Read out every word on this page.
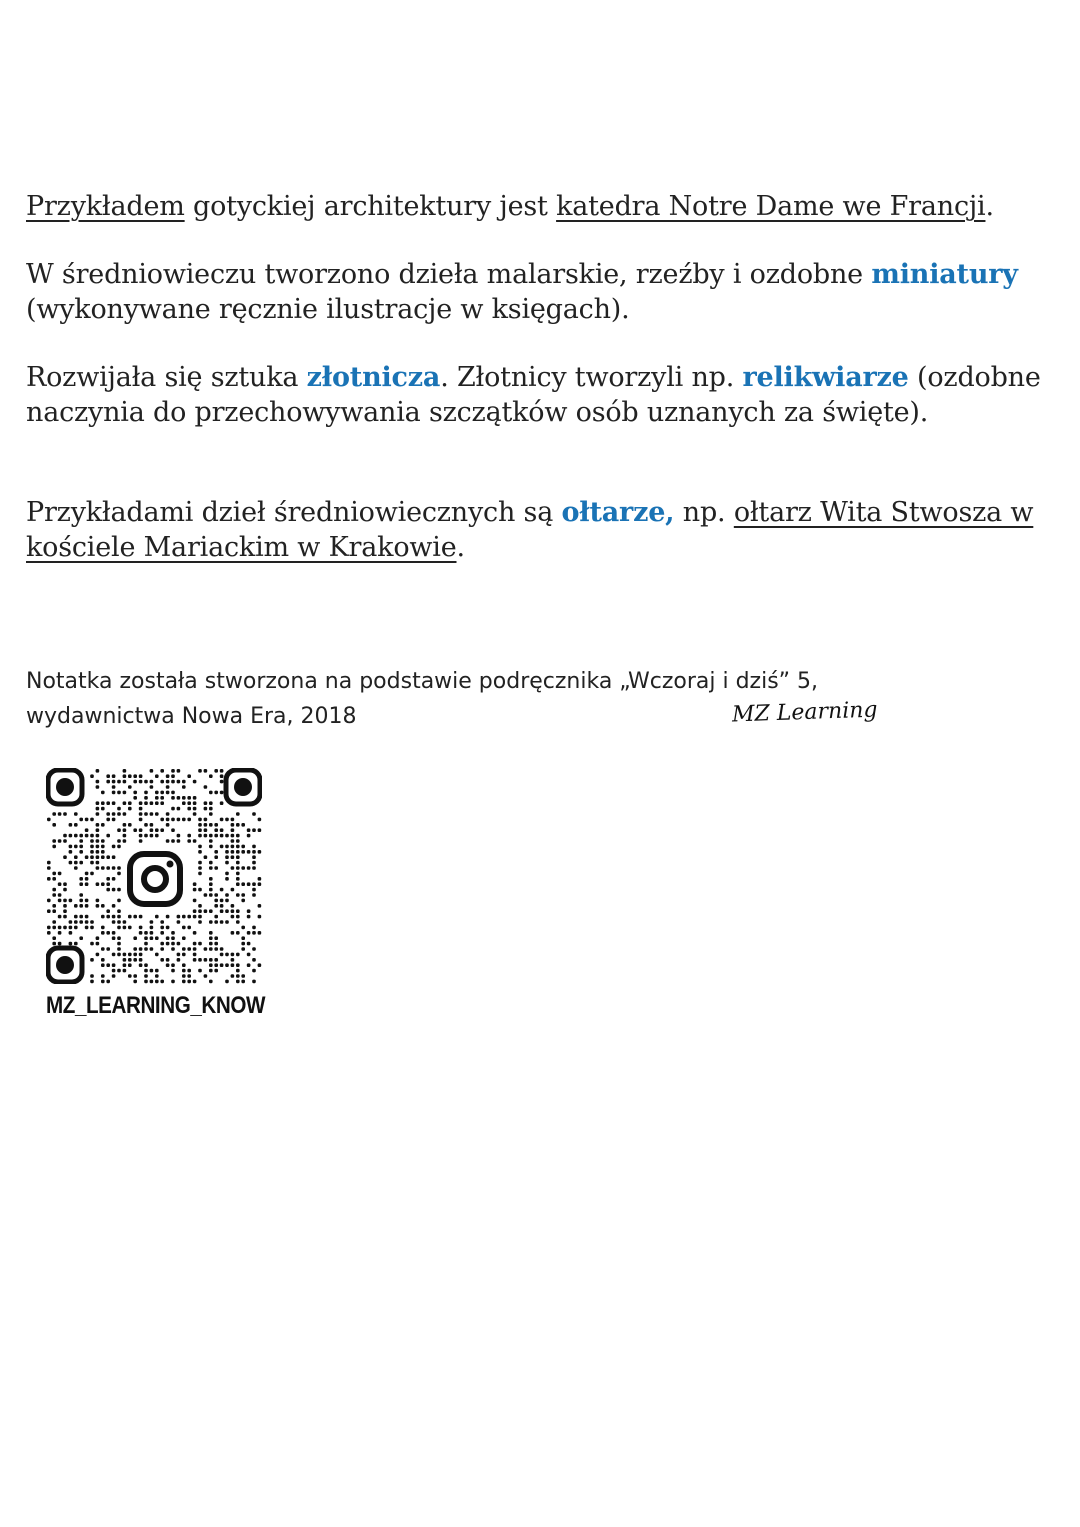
Przykładem gotyckiej architektury jest katedra Notre Dame we Francji.

W średniowieczu tworzono dzieła malarskie, rzeźby i ozdobne miniatury (wykonywane ręcznie ilustracje w księgach).

Rozwijała się sztuka złotnicza. Złotnicy tworzyli np. relikwiarze (ozdobne naczynia do przechowywania szczątków osób uznanych za święte).

Przykładami dzieł średniowiecznych są ołtarze, np. ołtarz Wita Stwosza w kościele Mariackim w Krakowie.

Notatka została stworzona na podstawie podręcznika „Wczoraj i dziś” 5,

wydawnictwa Nowa Era, 2018	MZ Learning
MZ_LEARNING_KNOW
